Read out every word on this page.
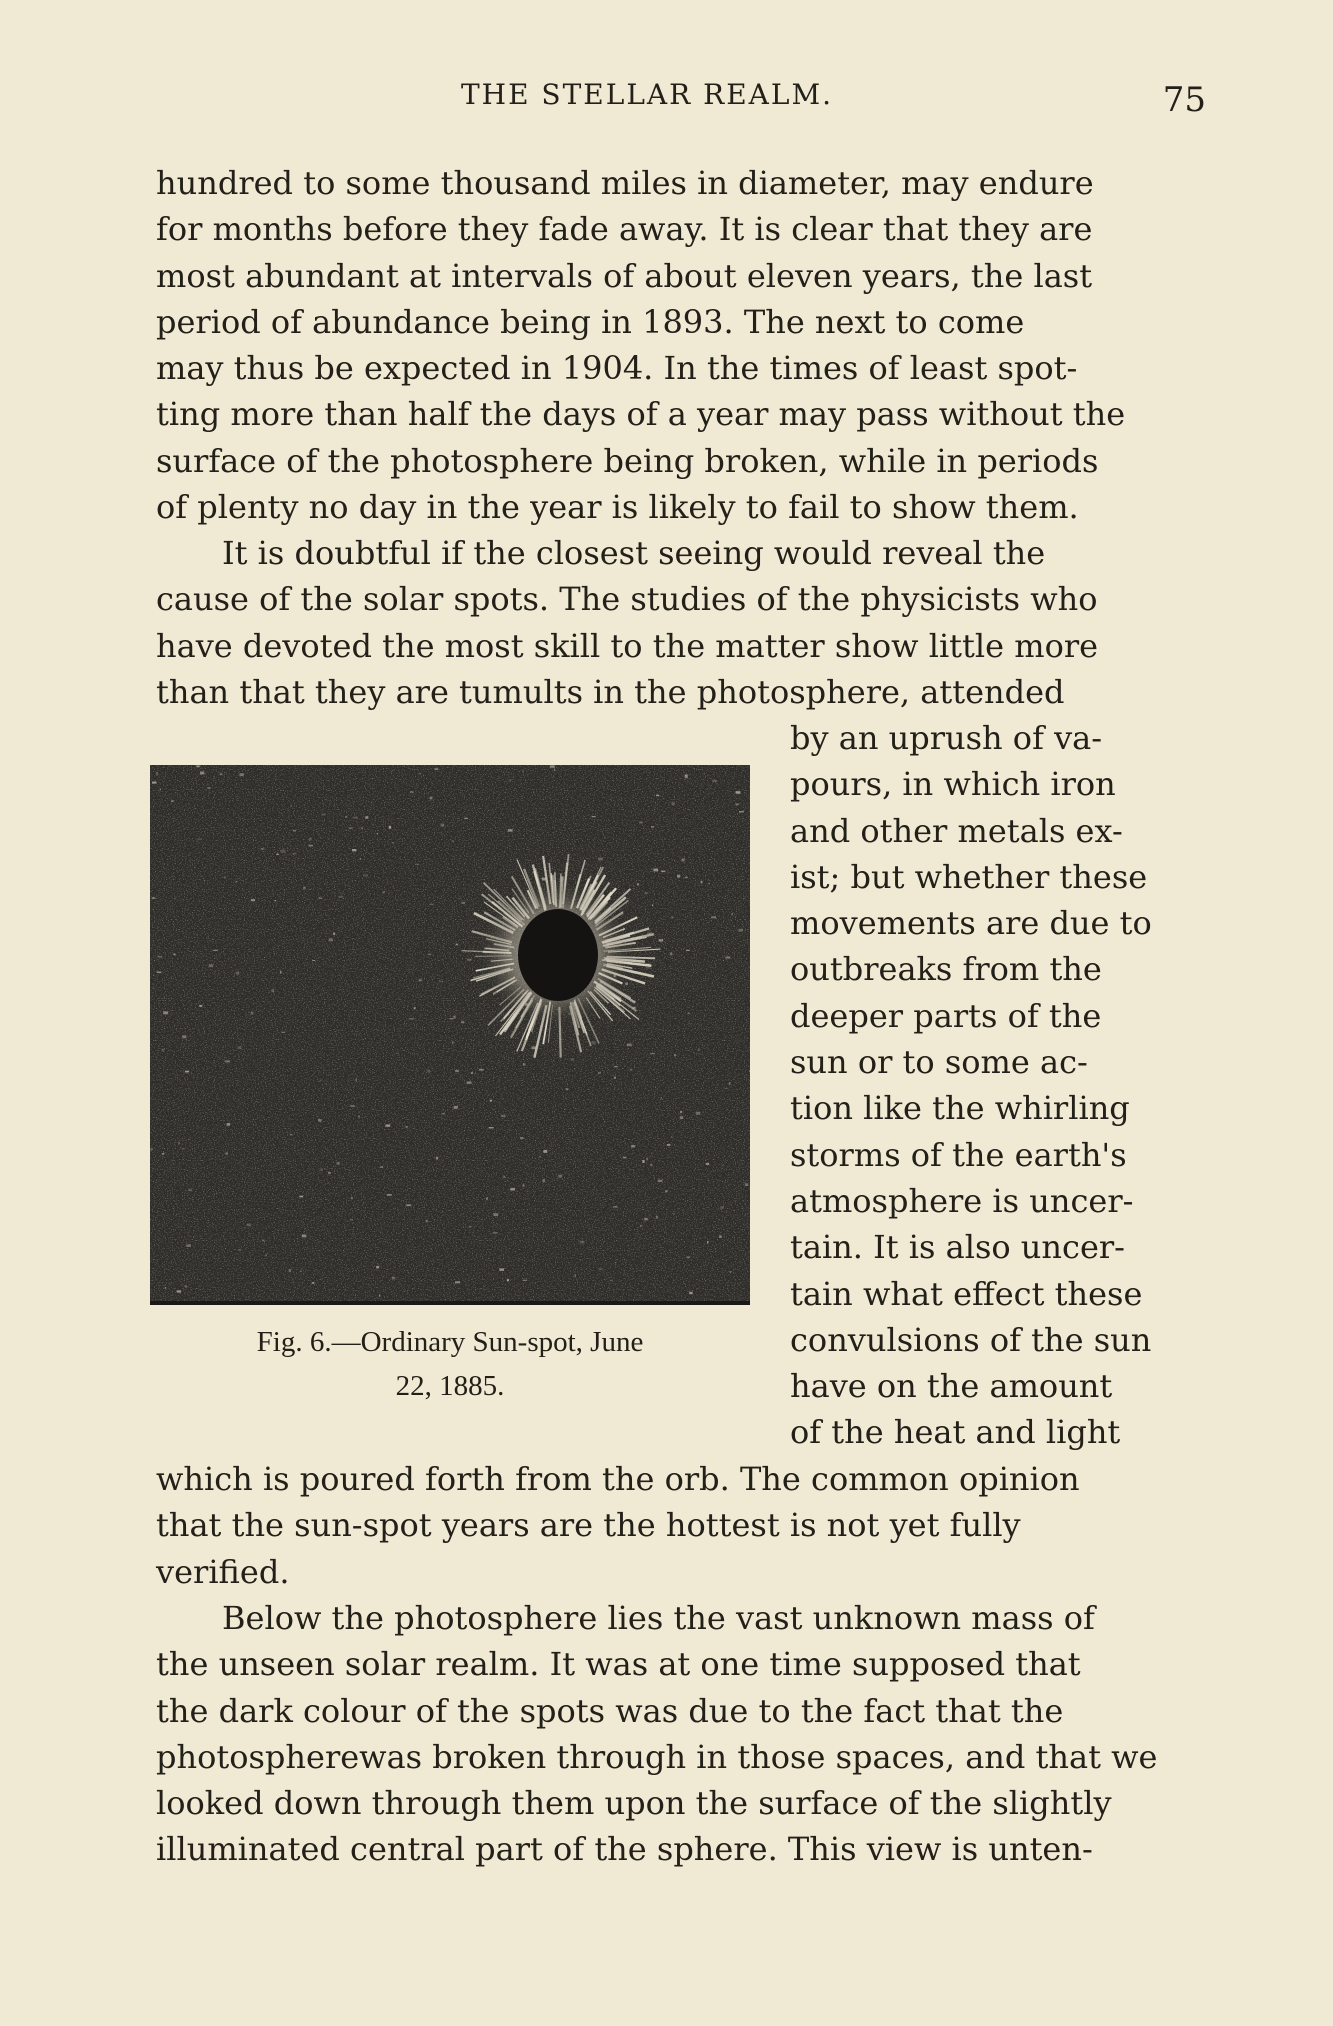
THE STELLAR REALM.	75

hundred to some thousand miles in diameter, may endure

for months before they fade away. It is clear that they are

most abundant at intervals of about eleven years, the last

period of abundance being in 1893. The next to come

may thus be expected in 1904. In the times of least spot-

ting more than half the days of a year may pass without the

surface of the photosphere being broken, while in periods

of plenty no day in the year is likely to fail to show them.

It is doubtful if the closest seeing would reveal the

cause of the solar spots. The studies of the physicists who

have devoted the most skill to the matter show little more

than that they are tumults in the photosphere, attended

by an uprush of va-

pours, in which iron

and other metals ex-

ist; but whether these

movements are due to

outbreaks from the

deeper parts of the

sun or to some ac-

tion like the whirling

storms of the earth's

atmosphere is uncer-

tain. It is also uncer-

tain what effect these

convulsions of the sun

have on the amount

of the heat and light

Fig. 6.—Ordinary Sun-spot, June
22, 1885.

which is poured forth from the orb. The common opinion

that the sun-spot years are the hottest is not yet fully

verified.

Below the photosphere lies the vast unknown mass of

the unseen solar realm. It was at one time supposed that

the dark colour of the spots was due to the fact that the

photospherewas broken through in those spaces, and that we

looked down through them upon the surface of the slightly

illuminated central part of the sphere. This view is unten-
